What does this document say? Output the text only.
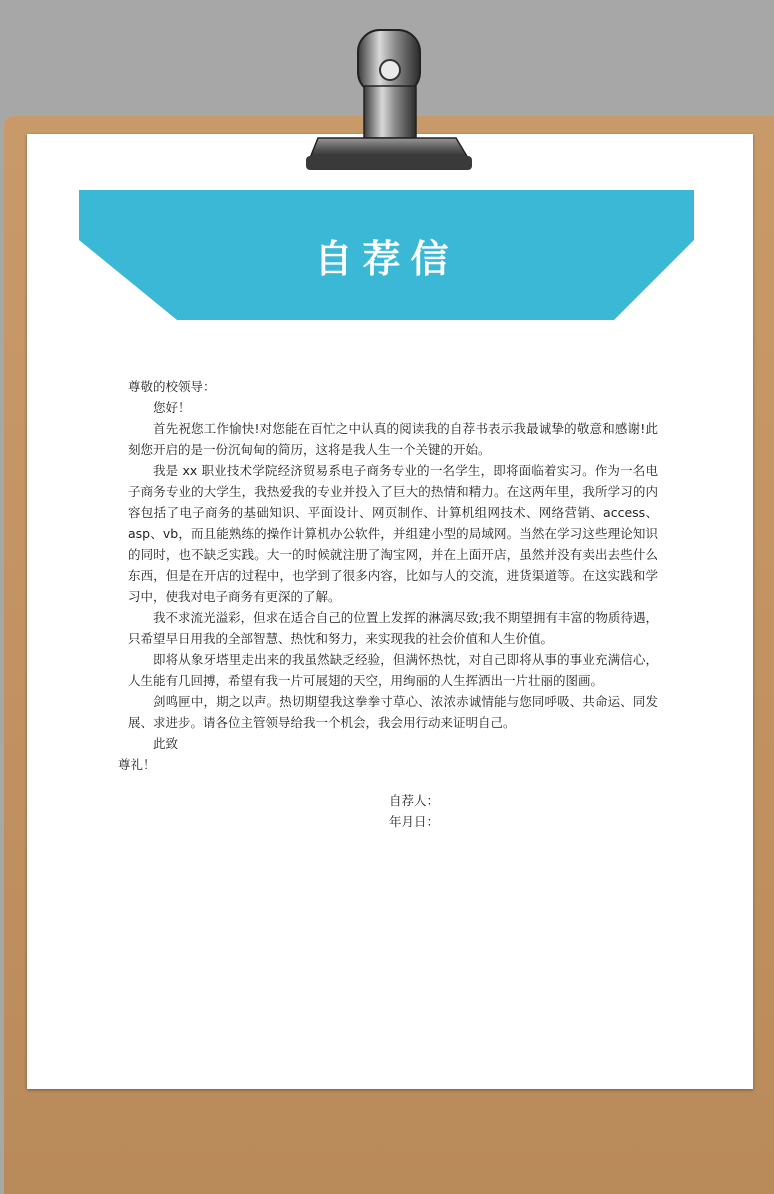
自荐信

尊敬的校领导：

您好！

首先祝您工作愉快!对您能在百忙之中认真的阅读我的自荐书表示我最诚挚的敬意和感谢!此刻您开启的是一份沉甸甸的简历，这将是我人生一个关键的开始。

我是 xx 职业技术学院经济贸易系电子商务专业的一名学生，即将面临着实习。作为一名电子商务专业的大学生，我热爱我的专业并投入了巨大的热情和精力。在这两年里，我所学习的内容包括了电子商务的基础知识、平面设计、网页制作、计算机组网技术、网络营销、access、asp、vb，而且能熟练的操作计算机办公软件，并组建小型的局域网。当然在学习这些理论知识的同时，也不缺乏实践。大一的时候就注册了淘宝网，并在上面开店，虽然并没有卖出去些什么东西，但是在开店的过程中，也学到了很多内容，比如与人的交流，进货渠道等。在这实践和学习中，使我对电子商务有更深的了解。

我不求流光溢彩，但求在适合自己的位置上发挥的淋漓尽致;我不期望拥有丰富的物质待遇，只希望早日用我的全部智慧、热忱和努力，来实现我的社会价值和人生价值。

即将从象牙塔里走出来的我虽然缺乏经验，但满怀热忱，对自己即将从事的事业充满信心，人生能有几回搏，希望有我一片可展翅的天空，用绚丽的人生挥洒出一片壮丽的图画。

剑鸣匣中，期之以声。热切期望我这拳拳寸草心、浓浓赤诚情能与您同呼吸、共命运、同发展、求进步。请各位主管领导给我一个机会，我会用行动来证明自己。

此致

尊礼！

自荐人：
年月日：
